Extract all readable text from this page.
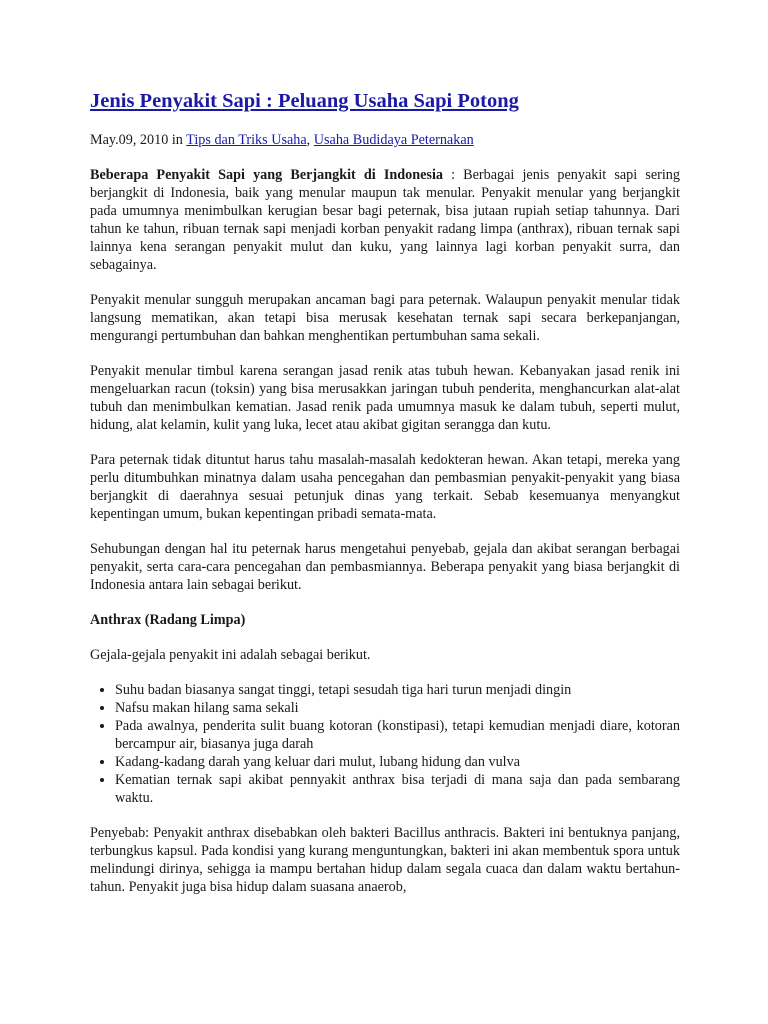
Jenis Penyakit Sapi : Peluang Usaha Sapi Potong
May.09, 2010 in Tips dan Triks Usaha, Usaha Budidaya Peternakan

Beberapa Penyakit Sapi yang Berjangkit di Indonesia : Berbagai jenis penyakit sapi sering berjangkit di Indonesia, baik yang menular maupun tak menular. Penyakit menular yang berjangkit pada umumnya menimbulkan kerugian besar bagi peternak, bisa jutaan rupiah setiap tahunnya. Dari tahun ke tahun, ribuan ternak sapi menjadi korban penyakit radang limpa (anthrax), ribuan ternak sapi lainnya kena serangan penyakit mulut dan kuku, yang lainnya lagi korban penyakit surra, dan sebagainya.

Penyakit menular sungguh merupakan ancaman bagi para peternak. Walaupun penyakit menular tidak langsung mematikan, akan tetapi bisa merusak kesehatan ternak sapi secara berkepanjangan, mengurangi pertumbuhan dan bahkan menghentikan pertumbuhan sama sekali.

Penyakit menular timbul karena serangan jasad renik atas tubuh hewan. Kebanyakan jasad renik ini mengeluarkan racun (toksin) yang bisa merusakkan jaringan tubuh penderita, menghancurkan alat-alat tubuh dan menimbulkan kematian. Jasad renik pada umumnya masuk ke dalam tubuh, seperti mulut, hidung, alat kelamin, kulit yang luka, lecet atau akibat gigitan serangga dan kutu.

Para peternak tidak dituntut harus tahu masalah-masalah kedokteran hewan. Akan tetapi, mereka yang perlu ditumbuhkan minatnya dalam usaha pencegahan dan pembasmian penyakit-penyakit yang biasa berjangkit di daerahnya sesuai petunjuk dinas yang terkait. Sebab kesemuanya menyangkut kepentingan umum, bukan kepentingan pribadi semata-mata.

Sehubungan dengan hal itu peternak harus mengetahui penyebab, gejala dan akibat serangan berbagai penyakit, serta cara-cara pencegahan dan pembasmiannya. Beberapa penyakit yang biasa berjangkit di Indonesia antara lain sebagai berikut.

Anthrax (Radang Limpa)

Gejala-gejala penyakit ini adalah sebagai berikut.

• Suhu badan biasanya sangat tinggi, tetapi sesudah tiga hari turun menjadi dingin
• Nafsu makan hilang sama sekali
• Pada awalnya, penderita sulit buang kotoran (konstipasi), tetapi kemudian menjadi diare, kotoran bercampur air, biasanya juga darah
• Kadang-kadang darah yang keluar dari mulut, lubang hidung dan vulva
• Kematian ternak sapi akibat pennyakit anthrax bisa terjadi di mana saja dan pada sembarang waktu.

Penyebab: Penyakit anthrax disebabkan oleh bakteri Bacillus anthracis. Bakteri ini bentuknya panjang, terbungkus kapsul. Pada kondisi yang kurang menguntungkan, bakteri ini akan membentuk spora untuk melindungi dirinya, sehigga ia mampu bertahan hidup dalam segala cuaca dan dalam waktu bertahun-tahun. Penyakit juga bisa hidup dalam suasana anaerob,
